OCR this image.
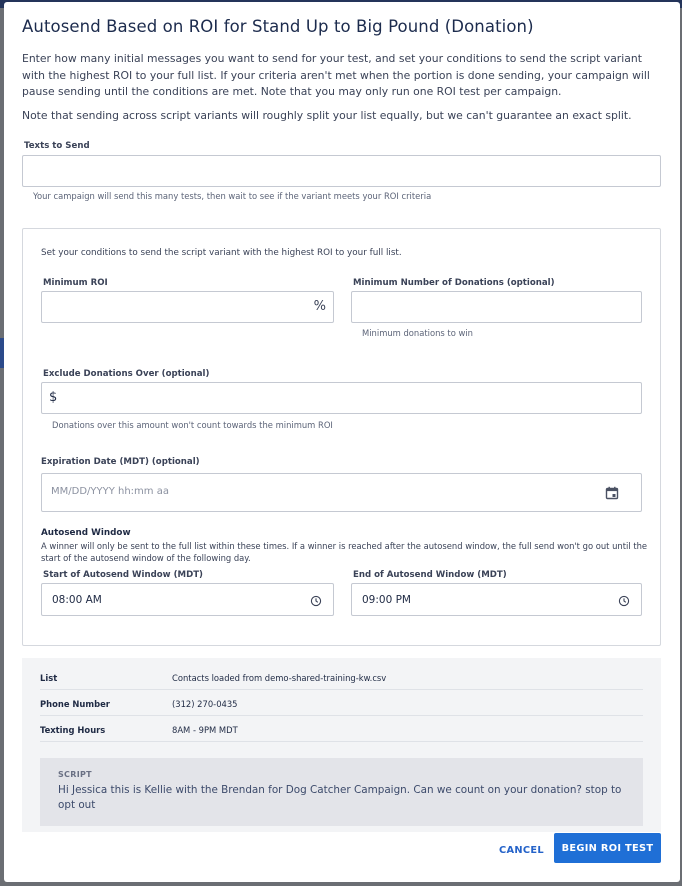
Autosend Based on ROI for Stand Up to Big Pound (Donation)

Enter how many initial messages you want to send for your test, and set your conditions to send the script variant with the highest ROI to your full list. If your criteria aren't met when the portion is done sending, your campaign will pause sending until the conditions are met. Note that you may only run one ROI test per campaign.

Note that sending across script variants will roughly split your list equally, but we can't guarantee an exact split.

Texts to Send
Your campaign will send this many tests, then wait to see if the variant meets your ROI criteria
Set your conditions to send the script variant with the highest ROI to your full list.
Minimum ROI
%
Minimum Number of Donations (optional)
Minimum donations to win
Exclude Donations Over (optional)
$
Donations over this amount won't count towards the minimum ROI
Expiration Date (MDT) (optional)
MM/DD/YYYY hh:mm aa
Autosend Window

A winner will only be sent to the full list within these times. If a winner is reached after the autosend window, the full send won't go out until the start of the autosend window of the following day.

Start of Autosend Window (MDT)
08:00 AM
End of Autosend Window (MDT)
09:00 PM
List	Contacts loaded from demo-shared-training-kw.csv
Phone Number	(312) 270-0435
Texting Hours	8AM - 9PM MDT
SCRIPT

Hi Jessica this is Kellie with the Brendan for Dog Catcher Campaign. Can we count on your donation? stop to opt out

CANCEL	BEGIN ROI TEST
